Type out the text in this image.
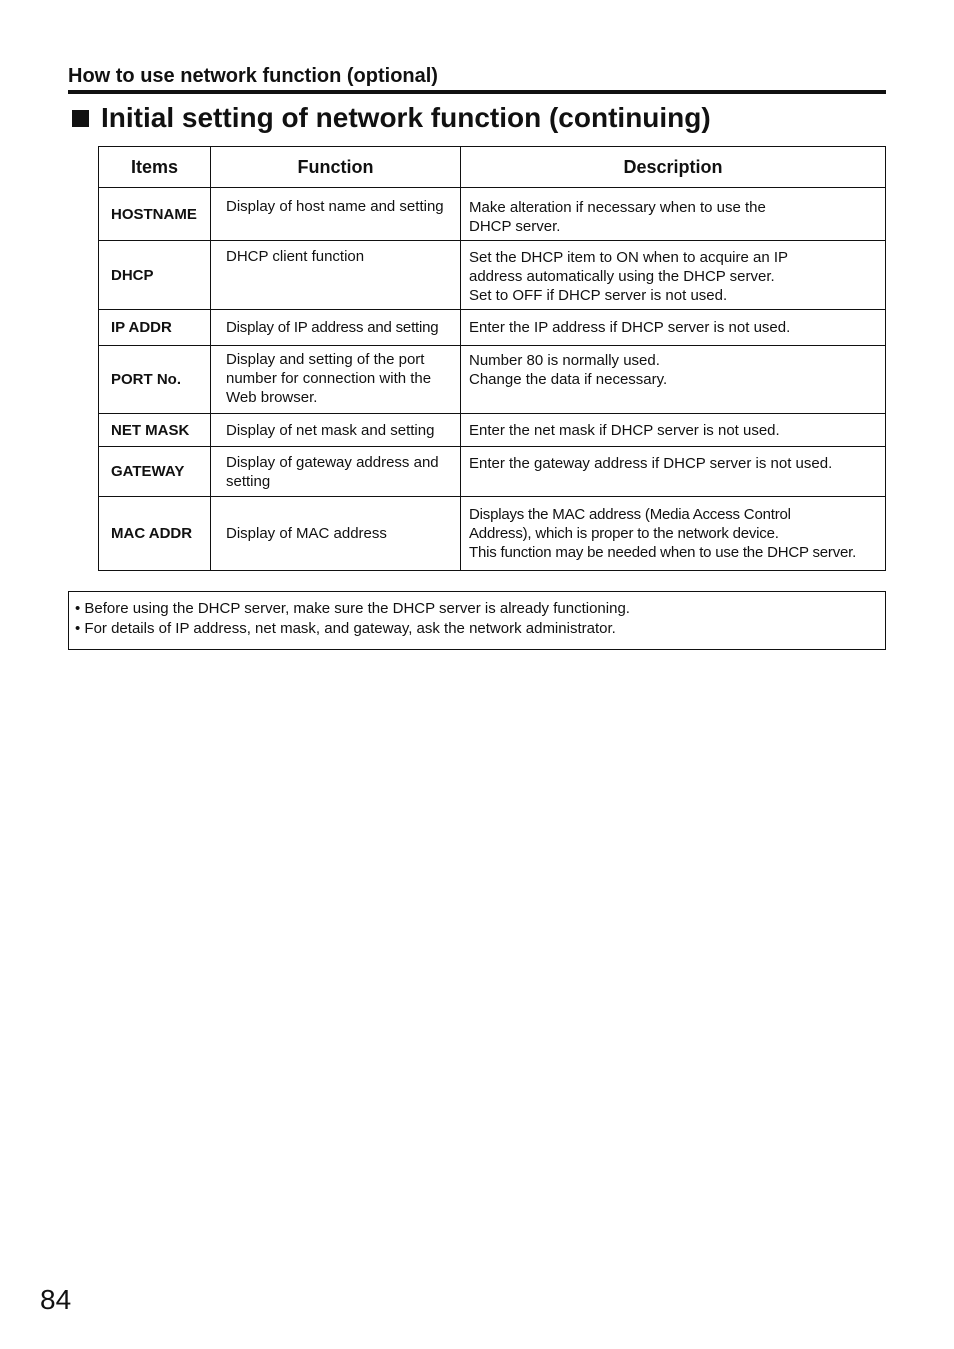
How to use network function (optional)
Initial setting of network function (continuing)
Items	Function	Description
HOSTNAME	Display of host name and setting	Make alteration if necessary when to use the
DHCP server.
DHCP	DHCP client function	Set the DHCP item to ON when to acquire an IP
address automatically using the DHCP server.
Set to OFF if DHCP server is not used.
IP ADDR	Display of IP address and setting	Enter the IP address if DHCP server is not used.
PORT No.	Display and setting of the port
number for connection with the
Web browser.	Number 80 is normally used.
Change the data if necessary.
NET MASK	Display of net mask and setting	Enter the net mask if DHCP server is not used.
GATEWAY	Display of gateway address and
setting	Enter the gateway address if DHCP server is not used.
MAC ADDR	Display of MAC address	Displays the MAC address (Media Access Control
Address), which is proper to the network device.
This function may be needed when to use the DHCP server.

• Before using the DHCP server, make sure the DHCP server is already functioning.

• For details of IP address, net mask, and gateway, ask the network administrator.

84
